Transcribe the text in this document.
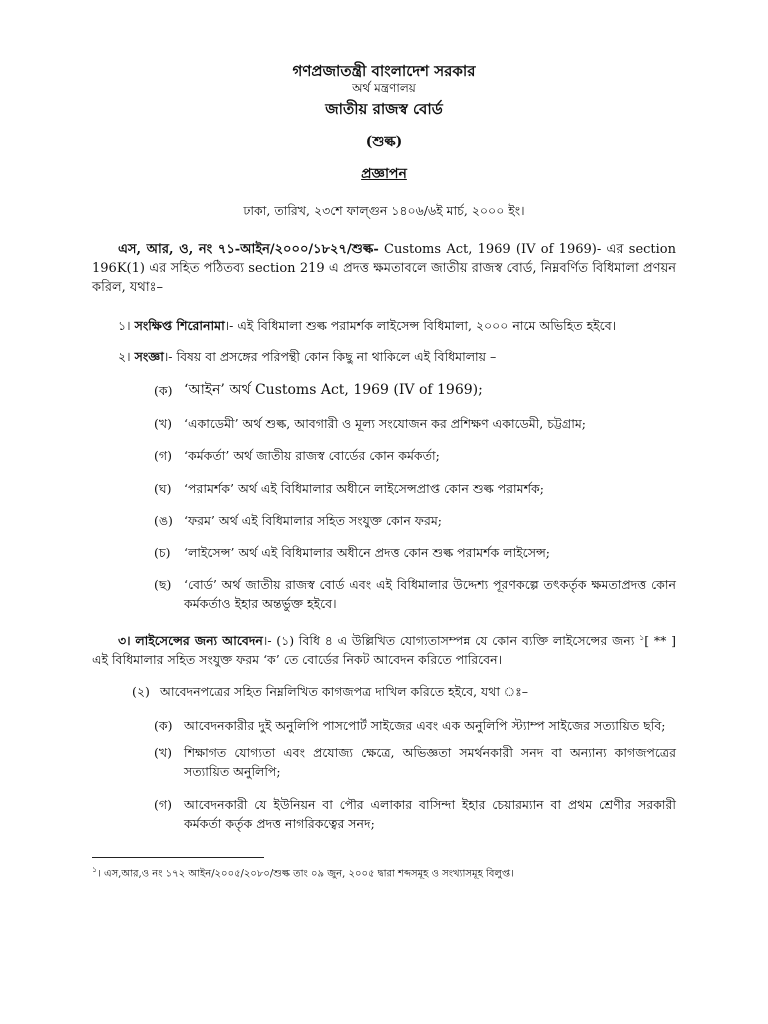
গণপ্রজাতন্ত্রী বাংলাদেশ সরকার
অর্থ মন্ত্রণালয়
জাতীয় রাজস্ব বোর্ড
(শুল্ক)
প্রজ্ঞাপন
ঢাকা, তারিখ, ২৩শে ফাল্গুন ১৪০৬/৬ই মার্চ, ২০০০ ইং।
এস, আর, ও, নং ৭১-আইন/২০০০/১৮২৭/শুল্ক- Customs Act, 1969 (IV of 1969)- এর section 196K(1) এর সহিত পঠিতব্য section 219 এ প্রদত্ত ক্ষমতাবলে জাতীয় রাজস্ব বোর্ড, নিম্নবর্ণিত বিধিমালা প্রণয়ন করিল, যথাঃ–
১। সংক্ষিপ্ত শিরোনামা।- এই বিধিমালা শুল্ক পরামর্শক লাইসেন্স বিধিমালা, ২০০০ নামে অভিহিত হইবে।
২। সংজ্ঞা।- বিষয় বা প্রসঙ্গের পরিপন্থী কোন কিছু না থাকিলে এই বিধিমালায় –
(ক) ‘আইন’ অর্থ Customs Act, 1969 (IV of 1969);
(খ) ‘একাডেমী’ অর্থ শুল্ক, আবগারী ও মূল্য সংযোজন কর প্রশিক্ষণ একাডেমী, চট্টগ্রাম;
(গ) ‘কর্মকর্তা’ অর্থ জাতীয় রাজস্ব বোর্ডের কোন কর্মকর্তা;
(ঘ)	‘পরামর্শক’ অর্থ এই বিধিমালার অধীনে লাইসেন্সপ্রাপ্ত কোন শুল্ক পরামর্শক;
(ঙ) ‘ফরম’ অর্থ এই বিধিমালার সহিত সংযুক্ত কোন ফরম;
(চ)	‘লাইসেন্স’ অর্থ এই বিধিমালার অধীনে প্রদত্ত কোন শুল্ক পরামর্শক লাইসেন্স;
(ছ)	‘বোর্ড’ অর্থ জাতীয় রাজস্ব বোর্ড এবং এই বিধিমালার উদ্দেশ্য পূরণকল্পে তৎকর্তৃক ক্ষমতাপ্রদত্ত কোন কর্মকর্তাও ইহার অন্তর্ভুক্ত হইবে।
৩। লাইসেন্সের জন্য আবেদন।- (১) বিধি ৪ এ উল্লিখিত যোগ্যতাসম্পন্ন যে কোন ব্যক্তি লাইসেন্সের জন্য $^১$[ ** ] এই বিধিমালার সহিত সংযুক্ত ফরম ‘ক’ তে বোর্ডের নিকট আবেদন করিতে পারিবেন।
(২) আবেদনপত্রের সহিত নিম্নলিখিত কাগজপত্র দাখিল করিতে হইবে, যথা ঃ–
(ক) আবেদনকারীর দুই অনুলিপি পাসপোর্ট সাইজের এবং এক অনুলিপি স্ট্যাম্প সাইজের সত্যায়িত ছবি;
(খ) শিক্ষাগত যোগ্যতা এবং প্রযোজ্য ক্ষেত্রে, অভিজ্ঞতা সমর্থনকারী সনদ বা অন্যান্য কাগজপত্রের সত্যায়িত অনুলিপি;
(গ) আবেদনকারী যে ইউনিয়ন বা পৌর এলাকার বাসিন্দা ইহার চেয়ারম্যান বা প্রথম শ্রেণীর সরকারী কর্মকর্তা কর্তৃক প্রদত্ত নাগরিকত্বের সনদ;
$^১$। এস,আর,ও নং ১৭২ আইন/২০০৫/২০৮০/শুল্ক তাং ০৯ জুন, ২০০৫ দ্বারা শব্দসমূহ ও সংখ্যাসমূহ বিলুপ্ত।
